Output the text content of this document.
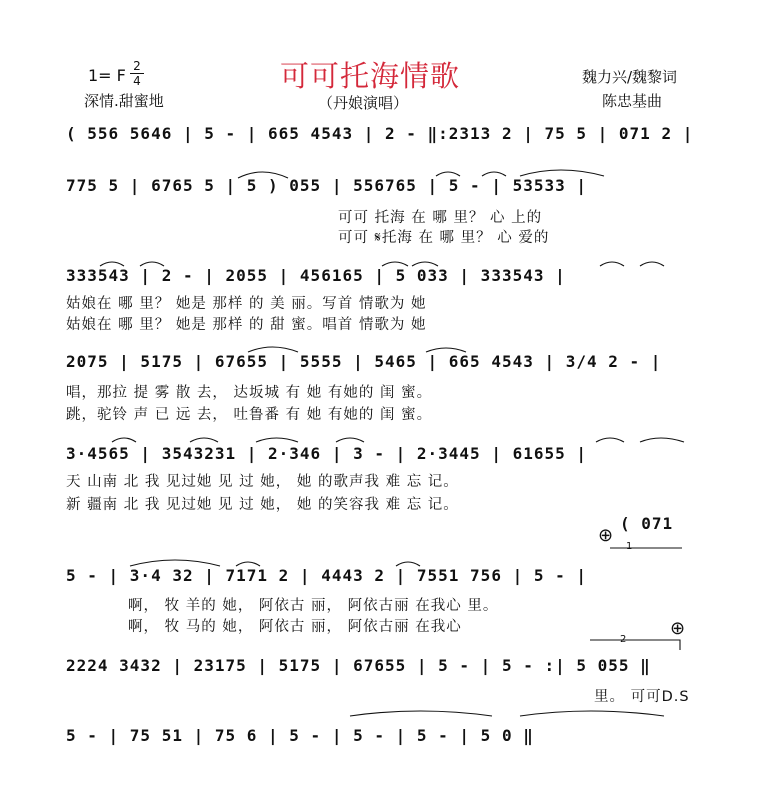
可可托海情歌
1= F 2
4
深情.甜蜜地	（丹娘演唱）
魏力兴/魏黎词
陈忠基曲
( 556 5646 | 5 - | 665 4543 | 2 - ‖:2313 2 | 75 5 | 071 2 |
775 5 | 6765 5 | 5 ) 055 | 556765 | 5 - | 53533 |
可可 托海 在 哪 里？ 心 上的
可可 𝄋托海 在 哪 里？ 心 爱的
333543 | 2 - | 2055 | 456165 | 5 033 | 333543 |
姑娘在 哪 里？ 她是 那样 的 美 丽。写首 情歌为 她
姑娘在 哪 里？ 她是 那样 的 甜 蜜。唱首 情歌为 她
2075 | 5175 | 67655 | 5555 | 5465 | 665 4543 | 3/4 2 - |
唱，那拉 提 雾 散 去， 达坂城 有 她 有她的 闺 蜜。
跳，驼铃 声 已 远 去， 吐鲁番 有 她 有她的 闺 蜜。
3·4565 | 3543231 | 2·346 | 3 - | 2·3445 | 61655 |
天 山南 北 我 见过她 见 过 她， 她 的歌声我 难 忘 记。
新 疆南 北 我 见过她 见 过 她， 她 的笑容我 难 忘 记。
( 071
⊕
5 - | 3·4 32 | 7171 2 | 4443 2 | 7551 756 | 5 - |
啊， 牧 羊的 她， 阿依古 丽， 阿依古丽 在我心 里。
啊， 牧 马的 她， 阿依古 丽， 阿依古丽 在我心	⊕
1
2
2224 3432 | 23175 | 5175 | 67655 | 5 - | 5 - :| 5 055 ‖
里。 可可D.S
5 - | 75 51 | 75 6 | 5 - | 5 - | 5 - | 5 0 ‖
